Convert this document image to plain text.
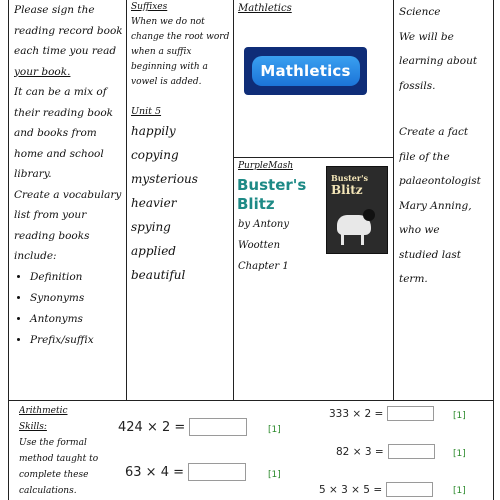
Please sign the

reading record book

each time you read

your book.

It can be a mix of

their reading book

and books from

home and school

library.

Create a vocabulary

list from your

reading books

include:

• Definition
• Synonyms
• Antonyms
• Prefix/suffix
Suffixes
When we do not
change the root word
when a suffix
beginning with a
vowel is added.
Unit 5
happily
copying
mysterious
heavier
spying
applied
beautiful
Mathletics
Mathletics
PurpleMash
Buster's
Blitz
by Antony
Wootten
Chapter 1
Buster's
Blitz
Science
We will be
learning about
fossils.
Create a fact
file of the
palaeontologist
Mary Anning,
who we
studied last
term.
Arithmetic
Skills:
Use the formal
method taught to
complete these
calculations.
424 × 2 =	[1]
63 × 4 =	[1]
333 × 2 =	[1]
82 × 3 =	[1]
5 × 3 × 5 =	[1]
